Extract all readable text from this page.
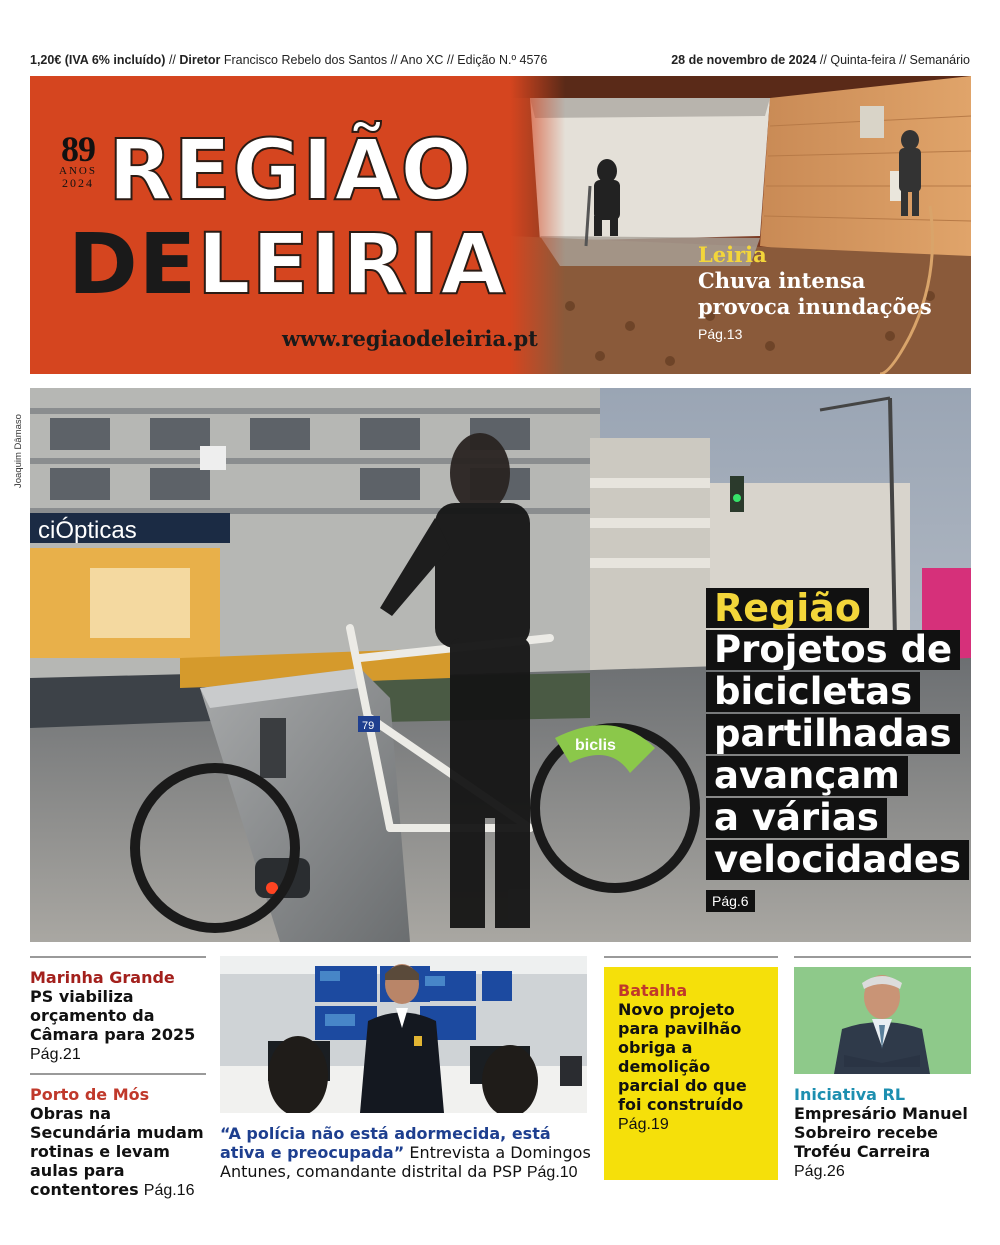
1,20€ (IVA 6% incluído) // Diretor Francisco Rebelo dos Santos // Ano XC // Edição N.º 4576	28 de novembro de 2024 // Quinta-feira // Semanário
89
ANOS
2024 REGIÃO
DELEIRIA
www.regiaodeleiria.pt
Leiria
Chuva intensa
provoca inundações
Pág.13
Joaquim Dâmaso
ciÓpticas
biclis
79
Região
Projetos de
bicicletas
partilhadas
avançam
a várias
velocidades
Pág.6
Marinha Grande
PS viabiliza orçamento da Câmara para 2025 Pág.21
Porto de Mós
Obras na Secundária mudam rotinas e levam aulas para contentores Pág.16
“A polícia não está adormecida, está ativa e preocupada” Entrevista a Domingos Antunes, comandante distrital da PSP Pág.10
Batalha
Novo projeto para pavilhão obriga a demolição parcial do que foi construído
Pág.19
Iniciativa RL
Empresário Manuel Sobreiro recebe Troféu Carreira Pág.26
